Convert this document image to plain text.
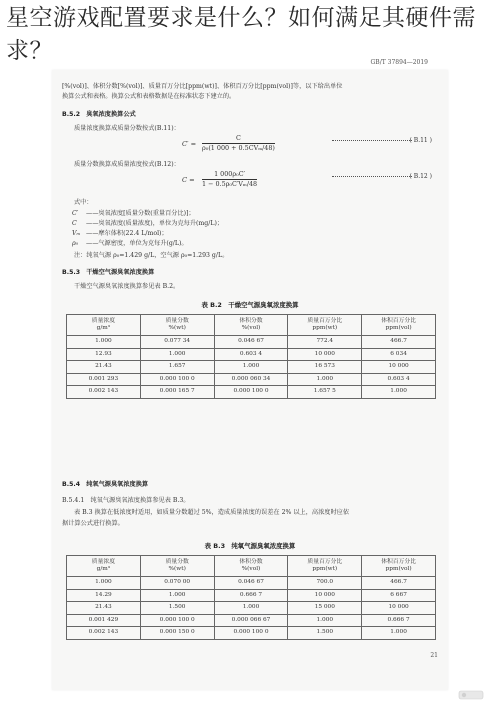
星空游戏配置要求是什么？如何满足其硬件需求？	GB/T 37894—2019
[%(vol)]、体积分数[%(vol)]、质量百万分比[ppm(wt)]、体积百万分比[ppm(vol)]等，以下给出单位
换算公式和表格。换算公式和表格数据是在标准状态下建立的。
B.5.2　臭氧浓度换算公式
质量浓度换算成质量分数按式(B.11)：
C′ =
C
ρ₀(1 000 + 0.5CVₘ/48)
( B.11 )
质量分数换算成质量浓度按式(B.12)：
$C = \frac{\text{1 000ρ₀C′}}{\text{1 − 0.5ρ₀C′Vₘ/48}}$	( B.12 )
式中：
C′ ——臭氧浓度[质量分数(重量百分比)]；
C ——臭氧浓度(质量浓度)，单位为克每升(mg/L)；
Vₘ ——摩尔体积(22.4 L/mol)；
ρ₀ ——气源密度，单位为克每升(g/L)。
注：纯氧气源 ρ₀=1.429 g/L，空气源 ρ₀=1.293 g/L。
B.5.3　干燥空气源臭氧浓度换算
干燥空气源臭氧浓度换算参见表 B.2。
表 B.2　干燥空气源臭氧浓度换算
质量浓度
g/m³	质量分数
%(wt)	体积分数
%(vol)	质量百万分比
ppm(wt)	体积百万分比
ppm(vol)
1.000	0.077 34	0.046 67	772.4	466.7
12.93	1.000	0.603 4	10 000	6 034
21.43	1.657	1.000	16 573	10 000
0.001 293	0.000 100 0	0.000 060 34	1.000	0.603 4
0.002 143	0.000 165 7	0.000 100 0	1.657 5	1.000
B.5.4　纯氧气源臭氧浓度换算
B.5.4.1　纯氧气源臭氧浓度换算参见表 B.3。
表 B.3 换算在低浓度时适用，如质量分数超过 5%，造成质量浓度的误差在 2% 以上，高浓度时应依
据计算公式进行换算。
表 B.3　纯氧气源臭氧浓度换算
质量浓度
g/m³	质量分数
%(wt)	体积分数
%(vol)	质量百万分比
ppm(wt)	体积百万分比
ppm(vol)
1.000	0.070 00	0.046 67	700.0	466.7
14.29	1.000	0.666 7	10 000	6 667
21.43	1.500	1.000	15 000	10 000
0.001 429	0.000 100 0	0.000 066 67	1.000	0.666 7
0.002 143	0.000 150 0	0.000 100 0	1.500	1.000
21
